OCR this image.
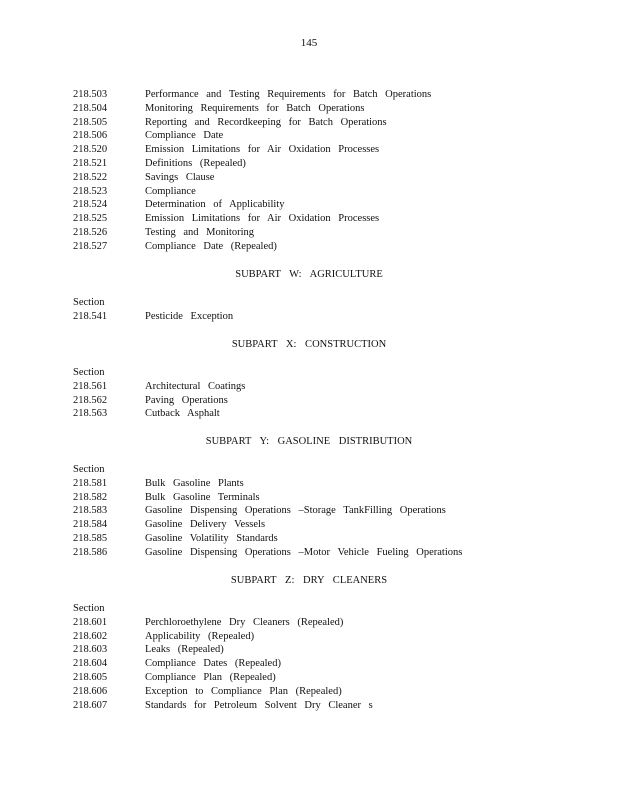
145
218.503	Performance and Testing Requirements for Batch Operations
218.504	Monitoring Requirements for Batch Operations
218.505	Reporting and Recordkeeping for Batch Operations
218.506	Compliance Date
218.520	Emission Limitations for Air Oxidation Processes
218.521	Definitions (Repealed)
218.522	Savings Clause
218.523	Compliance
218.524	Determination of Applicability
218.525	Emission Limitations for Air Oxidation Processes
218.526	Testing and Monitoring
218.527	Compliance Date (Repealed)
SUBPART W: AGRICULTURE
Section
218.541	Pesticide Exception
SUBPART X: CONSTRUCTION
Section
218.561	Architectural Coatings
218.562	Paving Operations
218.563	Cutback Asphalt
SUBPART Y: GASOLINE DISTRIBUTION
Section
218.581	Bulk Gasoline Plants
218.582	Bulk Gasoline Terminals
218.583	Gasoline Dispensing Operations –Storage TankFilling Operations
218.584	Gasoline Delivery Vessels
218.585	Gasoline Volatility Standards
218.586	Gasoline Dispensing Operations –Motor Vehicle Fueling Operations
SUBPART Z: DRY CLEANERS
Section
218.601	Perchloroethylene Dry Cleaners (Repealed)
218.602	Applicability (Repealed)
218.603	Leaks (Repealed)
218.604	Compliance Dates (Repealed)
218.605	Compliance Plan (Repealed)
218.606	Exception to Compliance Plan (Repealed)
218.607	Standards for Petroleum Solvent Dry Cleaner s
